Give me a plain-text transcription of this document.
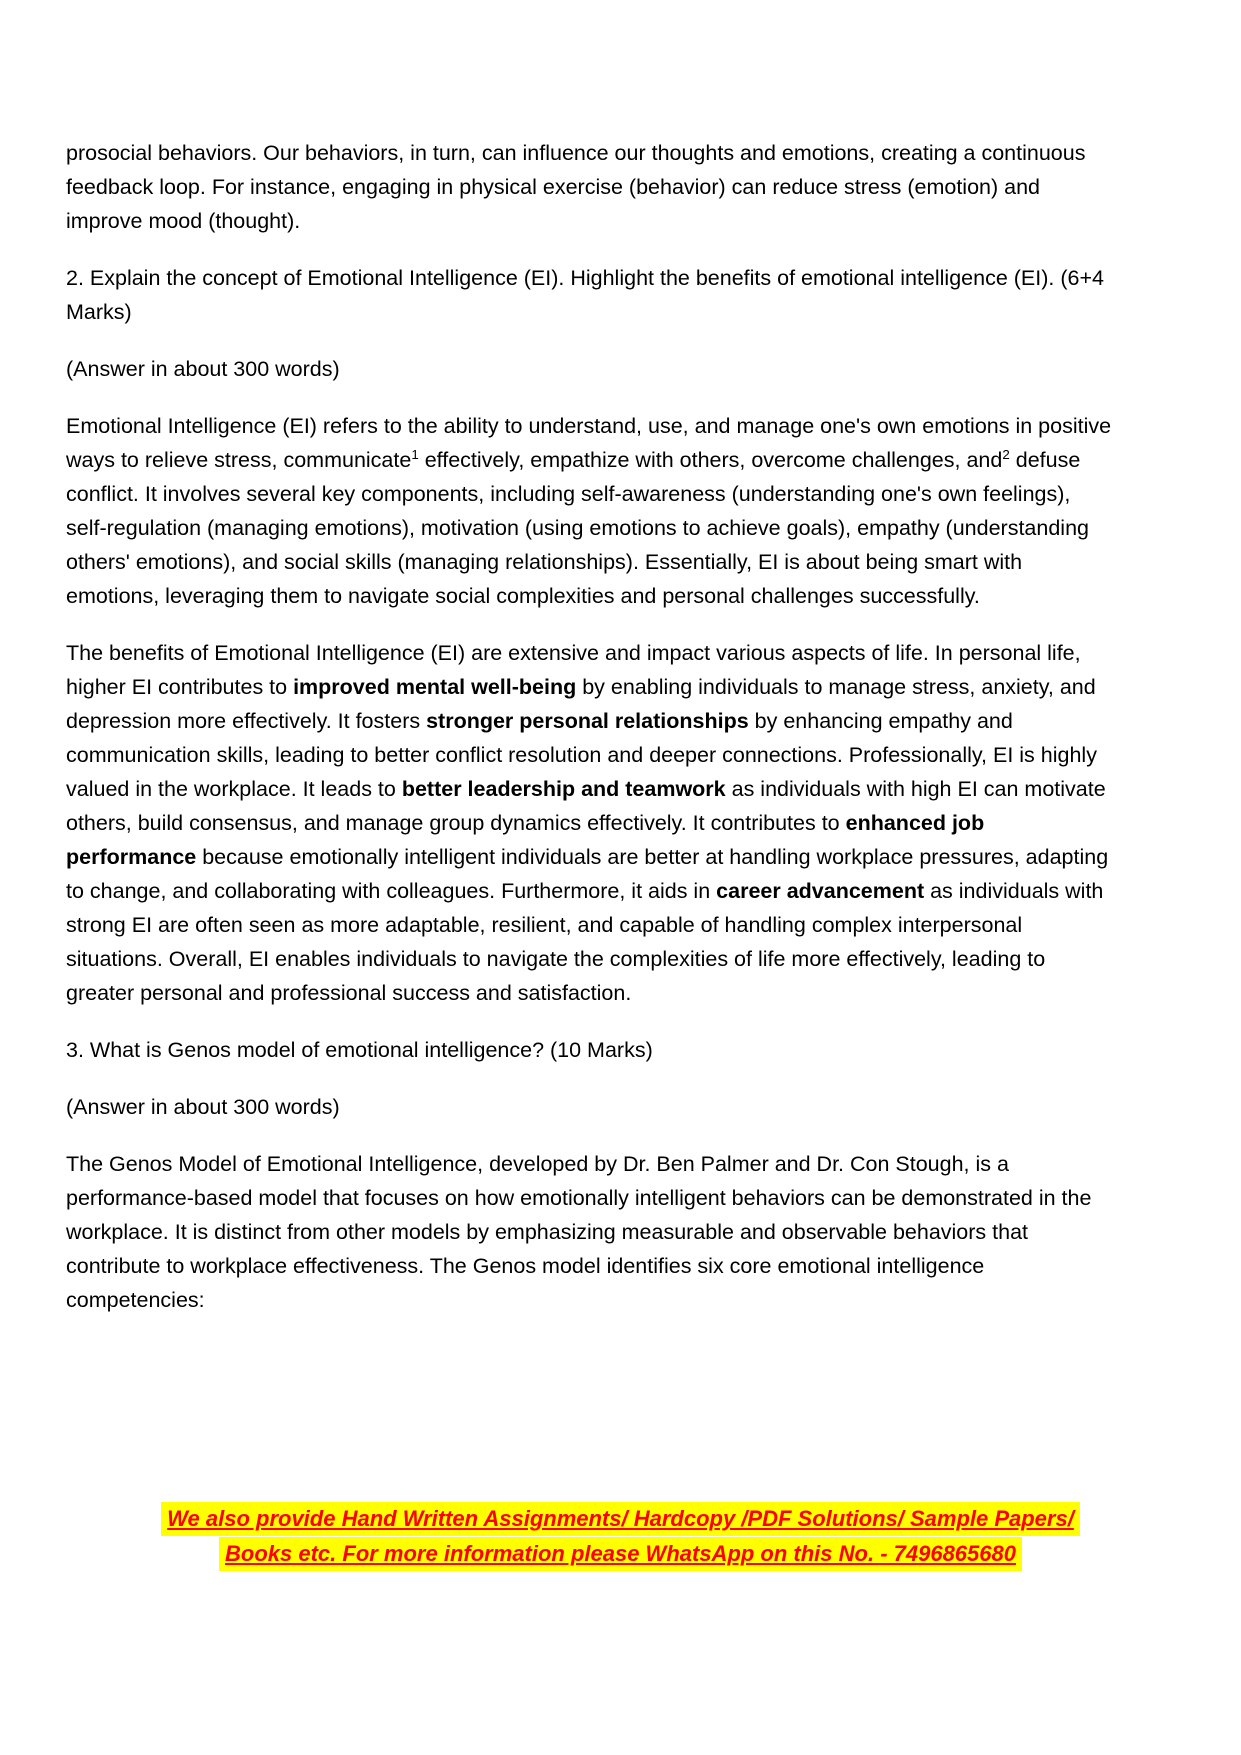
prosocial behaviors. Our behaviors, in turn, can influence our thoughts and emotions, creating a continuous feedback loop. For instance, engaging in physical exercise (behavior) can reduce stress (emotion) and improve mood (thought).

2. Explain the concept of Emotional Intelligence (EI). Highlight the benefits of emotional intelligence (EI). (6+4 Marks)

(Answer in about 300 words)

Emotional Intelligence (EI) refers to the ability to understand, use, and manage one's own emotions in positive ways to relieve stress, communicate$^1$ effectively, empathize with others, overcome challenges, and$^2$ defuse conflict. It involves several key components, including self-awareness (understanding one's own feelings), self-regulation (managing emotions), motivation (using emotions to achieve goals), empathy (understanding others' emotions), and social skills (managing relationships). Essentially, EI is about being smart with emotions, leveraging them to navigate social complexities and personal challenges successfully.

The benefits of Emotional Intelligence (EI) are extensive and impact various aspects of life. In personal life, higher EI contributes to improved mental well-being by enabling individuals to manage stress, anxiety, and depression more effectively. It fosters stronger personal relationships by enhancing empathy and communication skills, leading to better conflict resolution and deeper connections. Professionally, EI is highly valued in the workplace. It leads to better leadership and teamwork as individuals with high EI can motivate others, build consensus, and manage group dynamics effectively. It contributes to enhanced job performance because emotionally intelligent individuals are better at handling workplace pressures, adapting to change, and collaborating with colleagues. Furthermore, it aids in career advancement as individuals with strong EI are often seen as more adaptable, resilient, and capable of handling complex interpersonal situations. Overall, EI enables individuals to navigate the complexities of life more effectively, leading to greater personal and professional success and satisfaction.

3. What is Genos model of emotional intelligence? (10 Marks)

(Answer in about 300 words)

The Genos Model of Emotional Intelligence, developed by Dr. Ben Palmer and Dr. Con Stough, is a performance-based model that focuses on how emotionally intelligent behaviors can be demonstrated in the workplace. It is distinct from other models by emphasizing measurable and observable behaviors that contribute to workplace effectiveness. The Genos model identifies six core emotional intelligence competencies:

We also provide Hand Written Assignments/ Hardcopy /PDF Solutions/ Sample Papers/
Books etc. For more information please WhatsApp on this No. - 7496865680
